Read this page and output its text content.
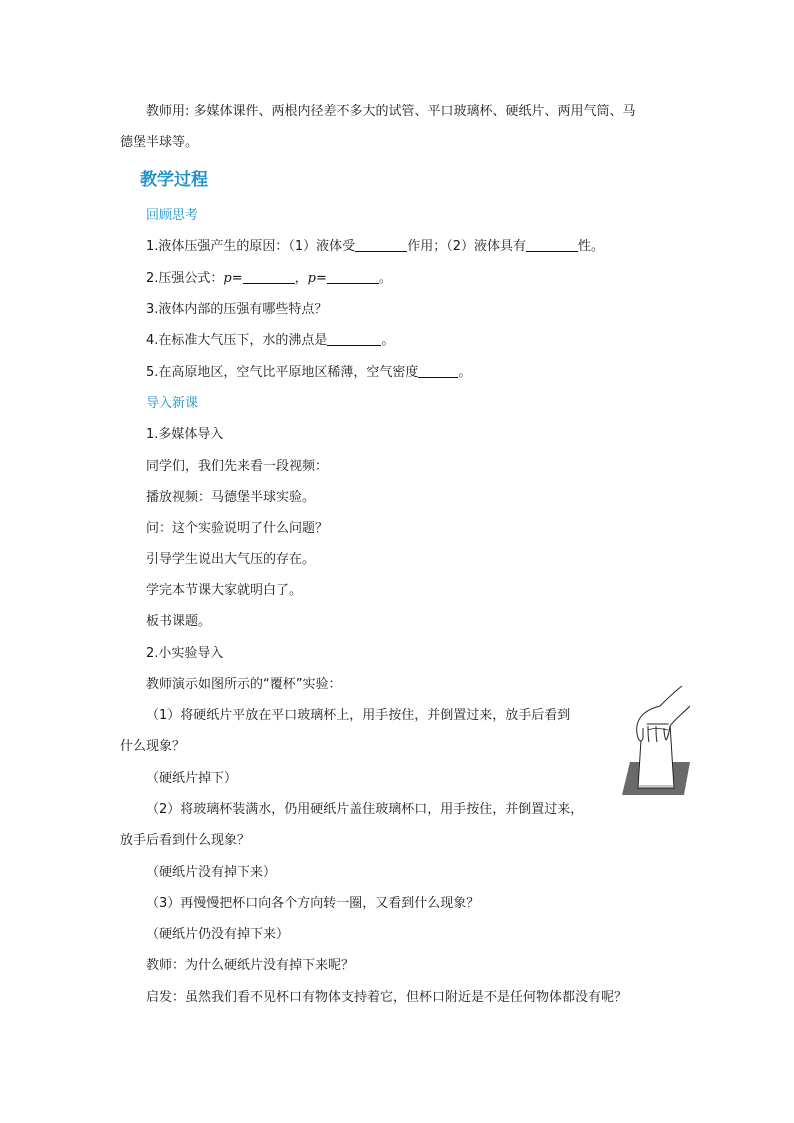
教师用: 多媒体课件、两根内径差不多大的试管、平口玻璃杯、硬纸片、两用气筒、马
德堡半球等。
教学过程
回顾思考
1.液体压强产生的原因：（1）液体受	作用；（2）液体具有	性。
2.压强公式：p=	，p=	。
3.液体内部的压强有哪些特点？
4.在标准大气压下，水的沸点是	。
5.在高原地区，空气比平原地区稀薄，空气密度	。
导入新课
1.多媒体导入
同学们，我们先来看一段视频：
播放视频：马德堡半球实验。
问：这个实验说明了什么问题？
引导学生说出大气压的存在。
学完本节课大家就明白了。
板书课题。
2.小实验导入
教师演示如图所示的“覆杯”实验：
（1）将硬纸片平放在平口玻璃杯上，用手按住，并倒置过来，放手后看到
什么现象？
（硬纸片掉下）
（2）将玻璃杯装满水，仍用硬纸片盖住玻璃杯口，用手按住，并倒置过来，
放手后看到什么现象？
（硬纸片没有掉下来）
（3）再慢慢把杯口向各个方向转一圈，又看到什么现象？
（硬纸片仍没有掉下来）
教师：为什么硬纸片没有掉下来呢？
启发：虽然我们看不见杯口有物体支持着它，但杯口附近是不是任何物体都没有呢？
